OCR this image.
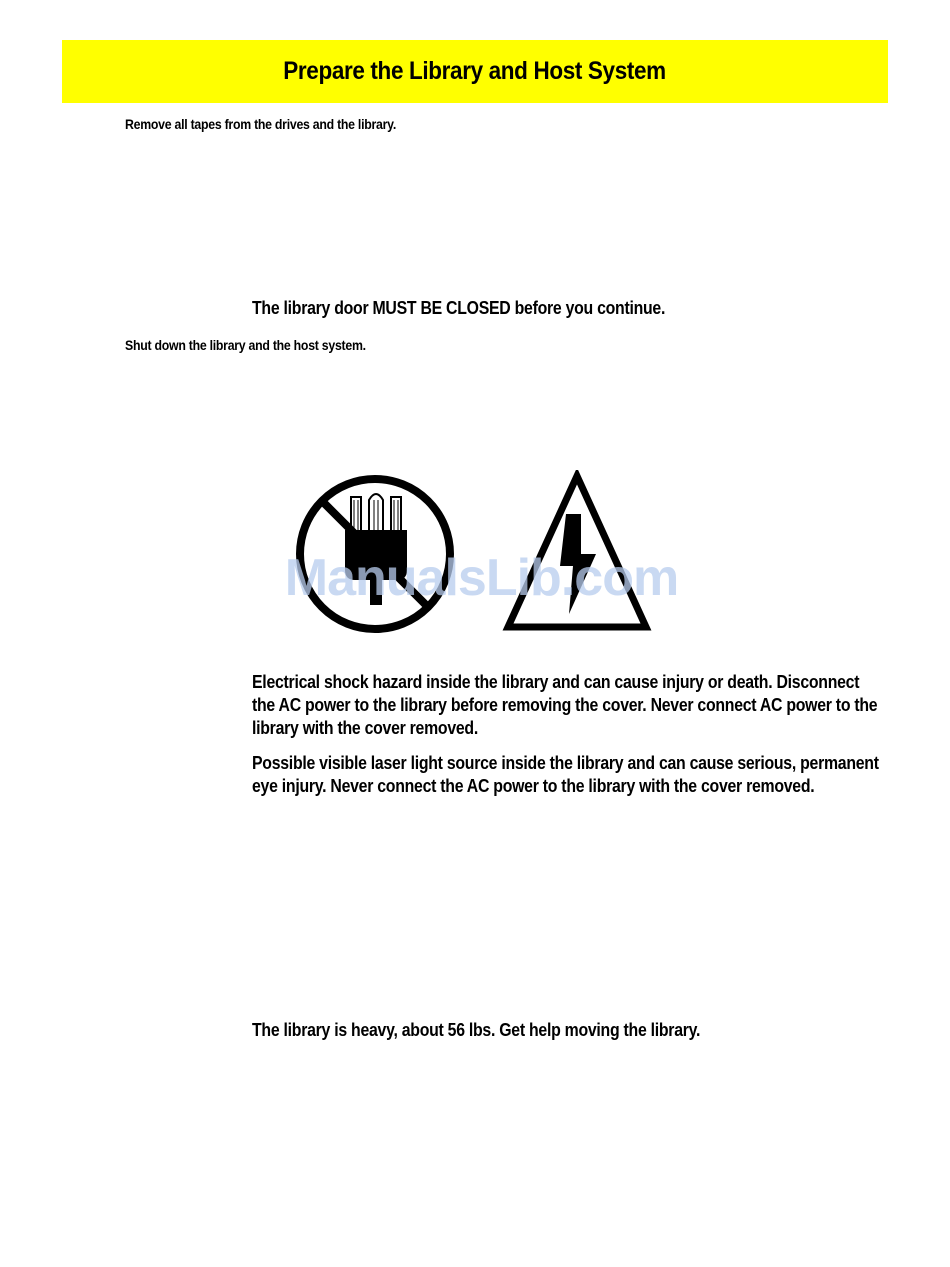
Prepare the Library and Host System
Remove all tapes from the drives and the library.
The library door MUST BE CLOSED before you continue.
Shut down the library and the host system.
ManualsLib.com

Electrical shock hazard inside the library and can cause injury or death. Disconnect the AC power to the library before removing the cover. Never connect AC power to the library with the cover removed.

Possible visible laser light source inside the library and can cause serious, permanent eye injury. Never connect the AC power to the library with the cover removed.

The library is heavy, about 56 lbs. Get help moving the library.
